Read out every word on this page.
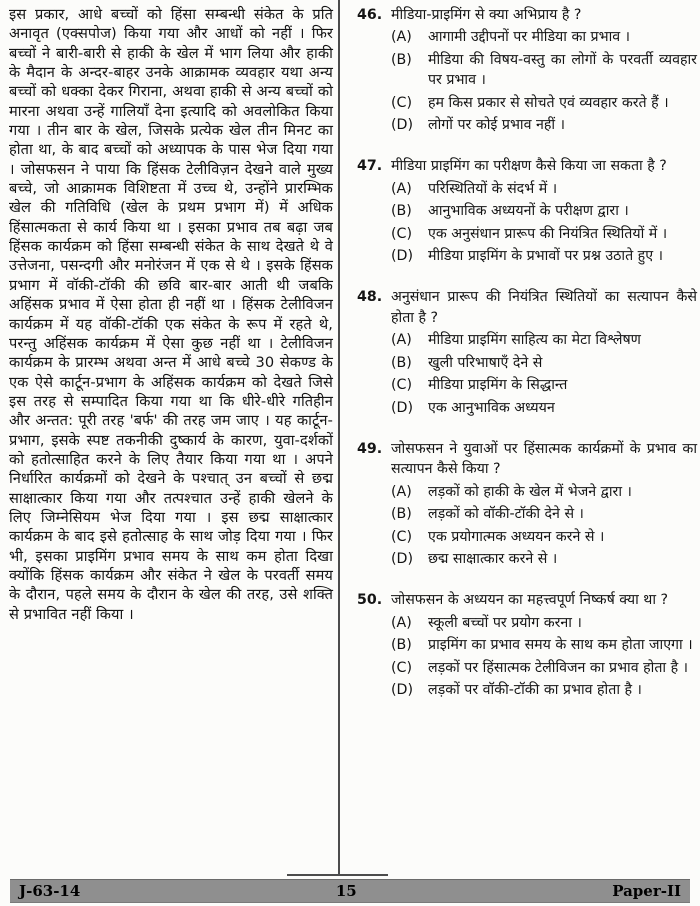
इस प्रकार, आधे बच्चों को हिंसा सम्बन्धी संकेत के प्रति अनावृत (एक्सपोज) किया गया और आधों को नहीं । फिर बच्चों ने बारी-बारी से हाकी के खेल में भाग लिया और हाकी के मैदान के अन्दर-बाहर उनके आक्रामक व्यवहार यथा अन्य बच्चों को धक्का देकर गिराना, अथवा हाकी से अन्य बच्चों को मारना अथवा उन्हें गालियाँ देना इत्यादि को अवलोकित किया गया । तीन बार के खेल, जिसके प्रत्येक खेल तीन मिनट का होता था, के बाद बच्चों को अध्यापक के पास भेज दिया गया । जोसफसन ने पाया कि हिंसक टेलीविज़न देखने वाले मुख्य बच्चे, जो आक्रामक विशिष्टता में उच्च थे, उन्होंने प्रारम्भिक खेल की गतिविधि (खेल के प्रथम प्रभाग में) में अधिक हिंसात्मकता से कार्य किया था । इसका प्रभाव तब बढ़ा जब हिंसक कार्यक्रम को हिंसा सम्बन्धी संकेत के साथ देखते थे वे उत्तेजना, पसन्दगी और मनोरंजन में एक से थे । इसके हिंसक प्रभाग में वॉकी-टॉकी की छवि बार-बार आती थी जबकि अहिंसक प्रभाव में ऐसा होता ही नहीं था । हिंसक टेलीविजन कार्यक्रम में यह वॉकी-टॉकी एक संकेत के रूप में रहते थे, परन्तु अहिंसक कार्यक्रम में ऐसा कुछ नहीं था । टेलीविजन कार्यक्रम के प्रारम्भ अथवा अन्त में आधे बच्चे 30 सेकण्ड के एक ऐसे कार्टून-प्रभाग के अहिंसक कार्यक्रम को देखते जिसे इस तरह से सम्पादित किया गया था कि धीरे-धीरे गतिहीन और अन्तत: पूरी तरह 'बर्फ' की तरह जम जाए । यह कार्टून-प्रभाग, इसके स्पष्ट तकनीकी दुष्कार्य के कारण, युवा-दर्शकों को हतोत्साहित करने के लिए तैयार किया गया था । अपने निर्धारित कार्यक्रमों को देखने के पश्चात् उन बच्चों से छद्म साक्षात्कार किया गया और तत्पश्चात उन्हें हाकी खेलने के लिए जिम्नेसियम भेज दिया गया । इस छद्म साक्षात्कार कार्यक्रम के बाद इसे हतोत्साह के साथ जोड़ दिया गया । फिर भी, इसका प्राइमिंग प्रभाव समय के साथ कम होता दिखा क्योंकि हिंसक कार्यक्रम और संकेत ने खेल के परवर्ती समय के दौरान, पहले समय के दौरान के खेल की तरह, उसे शक्ति से प्रभावित नहीं किया ।
46. मीडिया-प्राइमिंग से क्या अभिप्राय है ?
(A)	आगामी उद्दीपनों पर मीडिया का प्रभाव ।
(B)	मीडिया की विषय-वस्तु का लोगों के परवर्ती व्यवहार पर प्रभाव ।
(C)	हम किस प्रकार से सोचते एवं व्यवहार करते हैं ।
(D)	लोगों पर कोई प्रभाव नहीं ।
47. मीडिया प्राइमिंग का परीक्षण कैसे किया जा सकता है ?
(A)	परिस्थितियों के संदर्भ में ।
(B)	आनुभाविक अध्ययनों के परीक्षण द्वारा ।
(C)	एक अनुसंधान प्रारूप की नियंत्रित स्थितियों में ।
(D)	मीडिया प्राइमिंग के प्रभावों पर प्रश्न उठाते हुए ।
48. अनुसंधान प्रारूप की नियंत्रित स्थितियों का सत्यापन कैसे होता है ?
(A)	मीडिया प्राइमिंग साहित्य का मेटा विश्लेषण
(B)	खुली परिभाषाएँ देने से
(C)	मीडिया प्राइमिंग के सिद्धान्त
(D)	एक आनुभाविक अध्ययन
49. जोसफसन ने युवाओं पर हिंसात्मक कार्यक्रमों के प्रभाव का सत्यापन कैसे किया ?
(A)	लड़कों को हाकी के खेल में भेजने द्वारा ।
(B)	लड़कों को वॉकी-टॉकी देने से ।
(C)	एक प्रयोगात्मक अध्ययन करने से ।
(D)	छद्म साक्षात्कार करने से ।
50. जोसफसन के अध्ययन का महत्त्वपूर्ण निष्कर्ष क्या था ?
(A)	स्कूली बच्चों पर प्रयोग करना ।
(B)	प्राइमिंग का प्रभाव समय के साथ कम होता जाएगा ।
(C)	लड़कों पर हिंसात्मक टेलीविजन का प्रभाव होता है ।
(D)	लड़कों पर वॉकी-टॉकी का प्रभाव होता है ।
J-63-14	15	Paper-II
